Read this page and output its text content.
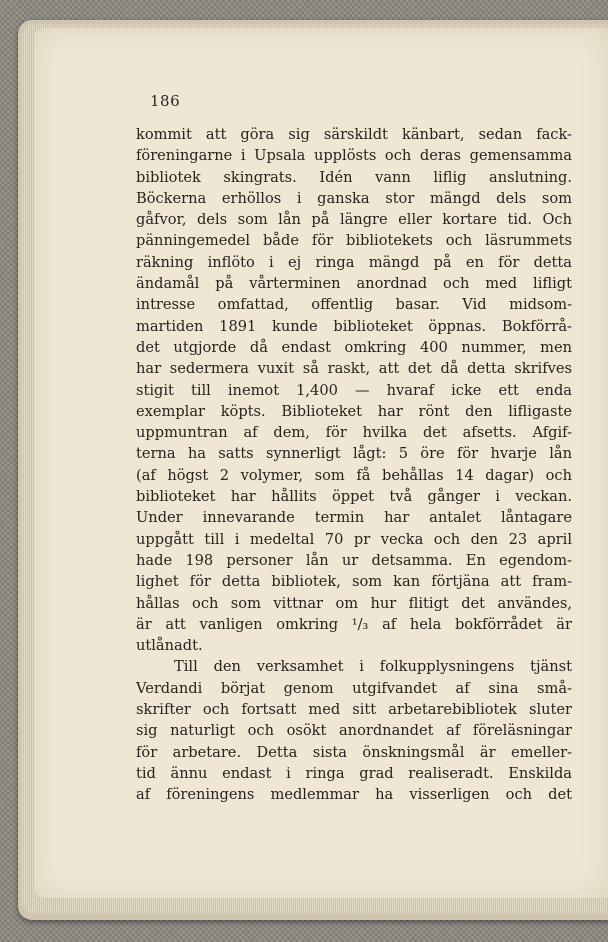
186

kommit att göra sig särskildt känbart, sedan fack-
föreningarne i Upsala upplösts och deras gemensamma
bibliotek skingrats. Idén vann liflig anslutning.
Böckerna erhöllos i ganska stor mängd dels som
gåfvor, dels som lån på längre eller kortare tid. Och
pänningemedel både för bibliotekets och läsrummets
räkning inflöto i ej ringa mängd på en för detta
ändamål på vårterminen anordnad och med lifligt
intresse omfattad, offentlig basar. Vid midsom-
martiden 1891 kunde biblioteket öppnas. Bokförrå-
det utgjorde då endast omkring 400 nummer, men
har sedermera vuxit så raskt, att det då detta skrifves
stigit till inemot 1,400 — hvaraf icke ett enda
exemplar köpts. Biblioteket har rönt den lifligaste
uppmuntran af dem, för hvilka det afsetts. Afgif-
terna ha satts synnerligt lågt: 5 öre för hvarje lån
(af högst 2 volymer, som få behållas 14 dagar) och
biblioteket har hållits öppet två gånger i veckan.
Under innevarande termin har antalet låntagare
uppgått till i medeltal 70 pr vecka och den 23 april
hade 198 personer lån ur detsamma. En egendom-
lighet för detta bibliotek, som kan förtjäna att fram-
hållas och som vittnar om hur flitigt det användes,
är att vanligen omkring ¹/₃ af hela bokförrådet är
utlånadt.
Till den verksamhet i folkupplysningens tjänst
Verdandi börjat genom utgifvandet af sina små-
skrifter och fortsatt med sitt arbetarebibliotek sluter
sig naturligt och osökt anordnandet af föreläsningar
för arbetare. Detta sista önskningsmål är emeller-
tid ännu endast i ringa grad realiseradt. Enskilda
af föreningens medlemmar ha visserligen och det
